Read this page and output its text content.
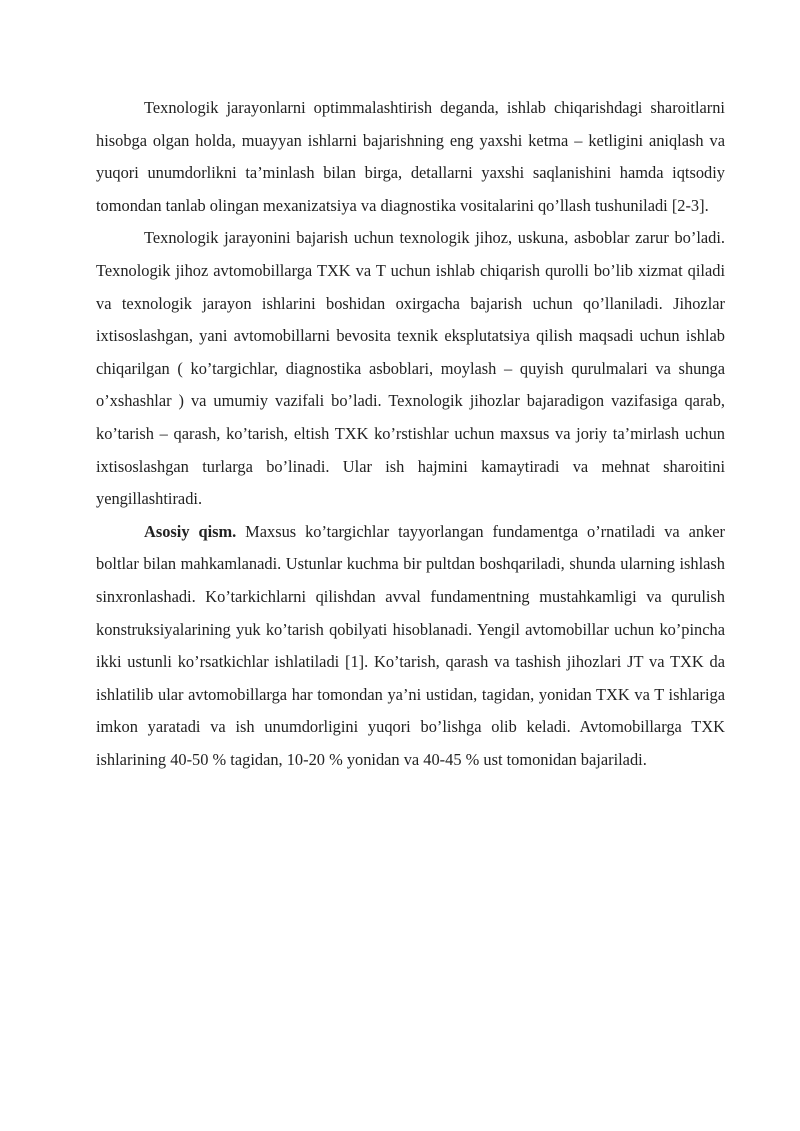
Texnologik jarayonlarni optimmalashtirish deganda, ishlab chiqarishdagi sharoitlarni hisobga olgan holda, muayyan ishlarni bajarishning eng yaxshi ketma – ketligini aniqlash va yuqori unumdorlikni ta’minlash bilan birga, detallarni yaxshi saqlanishini hamda iqtsodiy tomondan tanlab olingan mexanizatsiya va diagnostika vositalarini qo’llash tushuniladi [2-3].

Texnologik jarayonini bajarish uchun texnologik jihoz, uskuna, asboblar zarur bo’ladi. Texnologik jihoz avtomobillarga TXK va T uchun ishlab chiqarish qurolli bo’lib xizmat qiladi va texnologik jarayon ishlarini boshidan oxirgacha bajarish uchun qo’llaniladi. Jihozlar ixtisoslashgan, yani avtomobillarni bevosita texnik eksplutatsiya qilish maqsadi uchun ishlab chiqarilgan ( ko’targichlar, diagnostika asboblari, moylash – quyish qurulmalari va shunga o’xshashlar ) va umumiy vazifali bo’ladi. Texnologik jihozlar bajaradigon vazifasiga qarab, ko’tarish – qarash, ko’tarish, eltish TXK ko’rstishlar uchun maxsus va joriy ta’mirlash uchun ixtisoslashgan turlarga bo’linadi. Ular ish hajmini kamaytiradi va mehnat sharoitini yengillashtiradi.

Asosiy qism. Maxsus ko’targichlar tayyorlangan fundamentga o’rnatiladi va anker boltlar bilan mahkamlanadi. Ustunlar kuchma bir pultdan boshqariladi, shunda ularning ishlash sinxronlashadi. Ko’tarkichlarni qilishdan avval fundamentning mustahkamligi va qurulish konstruksiyalarining yuk ko’tarish qobilyati hisoblanadi. Yengil avtomobillar uchun ko’pincha ikki ustunli ko’rsatkichlar ishlatiladi [1]. Ko’tarish, qarash va tashish jihozlari JT va TXK da ishlatilib ular avtomobillarga har tomondan ya’ni ustidan, tagidan, yonidan TXK va T ishlariga imkon yaratadi va ish unumdorligini yuqori bo’lishga olib keladi. Avtomobillarga TXK ishlarining 40-50 % tagidan, 10-20 % yonidan va 40-45 % ust tomonidan bajariladi.
